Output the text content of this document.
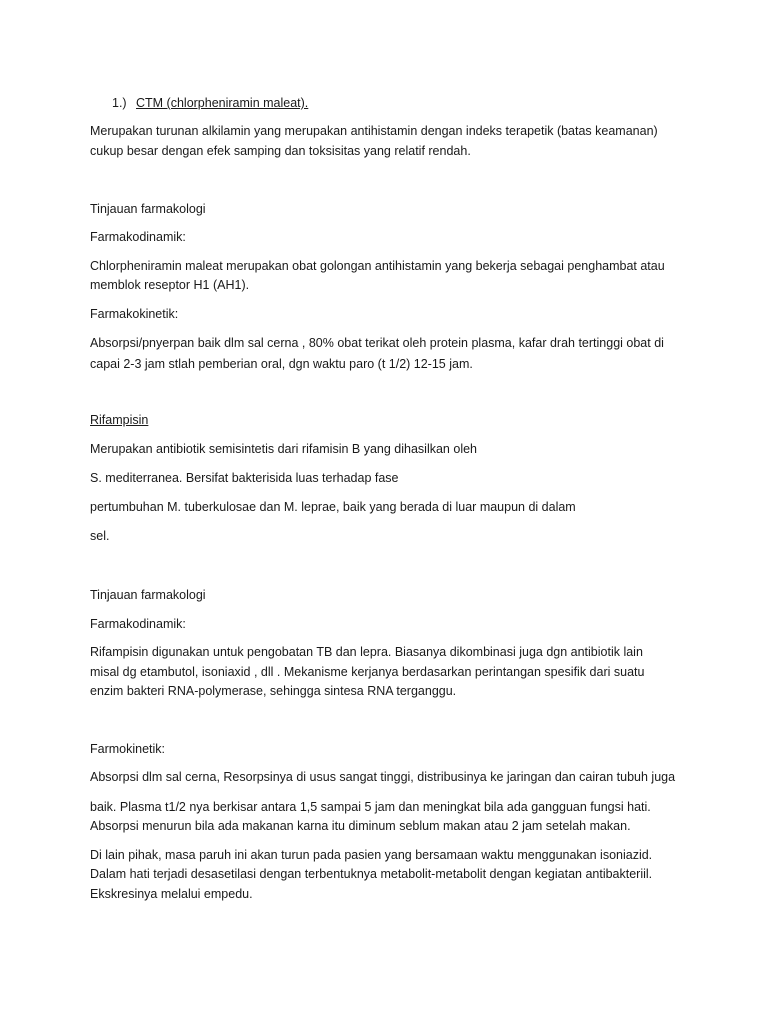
1.) CTM (chlorpheniramin maleat).
Merupakan turunan alkilamin yang merupakan antihistamin dengan indeks terapetik (batas keamanan)
cukup besar dengan efek samping dan toksisitas yang relatif rendah.
Tinjauan farmakologi
Farmakodinamik:
Chlorpheniramin maleat merupakan obat golongan antihistamin yang bekerja sebagai penghambat atau
memblok reseptor H1 (AH1).
Farmakokinetik:
Absorpsi/pnyerpan baik dlm sal cerna , 80% obat terikat oleh protein plasma, kafar drah tertinggi obat di
capai 2-3 jam stlah pemberian oral, dgn waktu paro (t 1/2) 12-15 jam.
Rifampisin
Merupakan antibiotik semisintetis dari rifamisin B yang dihasilkan oleh
S. mediterranea. Bersifat bakterisida luas terhadap fase
pertumbuhan M. tuberkulosae dan M. leprae, baik yang berada di luar maupun di dalam
sel.
Tinjauan farmakologi
Farmakodinamik:
Rifampisin digunakan untuk pengobatan TB dan lepra. Biasanya dikombinasi juga dgn antibiotik lain
misal dg etambutol, isoniaxid , dll . Mekanisme kerjanya berdasarkan perintangan spesifik dari suatu
enzim bakteri RNA-polymerase, sehingga sintesa RNA terganggu.
Farmokinetik:
Absorpsi dlm sal cerna, Resorpsinya di usus sangat tinggi, distribusinya ke jaringan dan cairan tubuh juga
baik. Plasma t1/2 nya berkisar antara 1,5 sampai 5 jam dan meningkat bila ada gangguan fungsi hati.
Absorpsi menurun bila ada makanan karna itu diminum seblum makan atau 2 jam setelah makan.
Di lain pihak, masa paruh ini akan turun pada pasien yang bersamaan waktu menggunakan isoniazid.
Dalam hati terjadi desasetilasi dengan terbentuknya metabolit-metabolit dengan kegiatan antibakteriil.
Ekskresinya melalui empedu.
